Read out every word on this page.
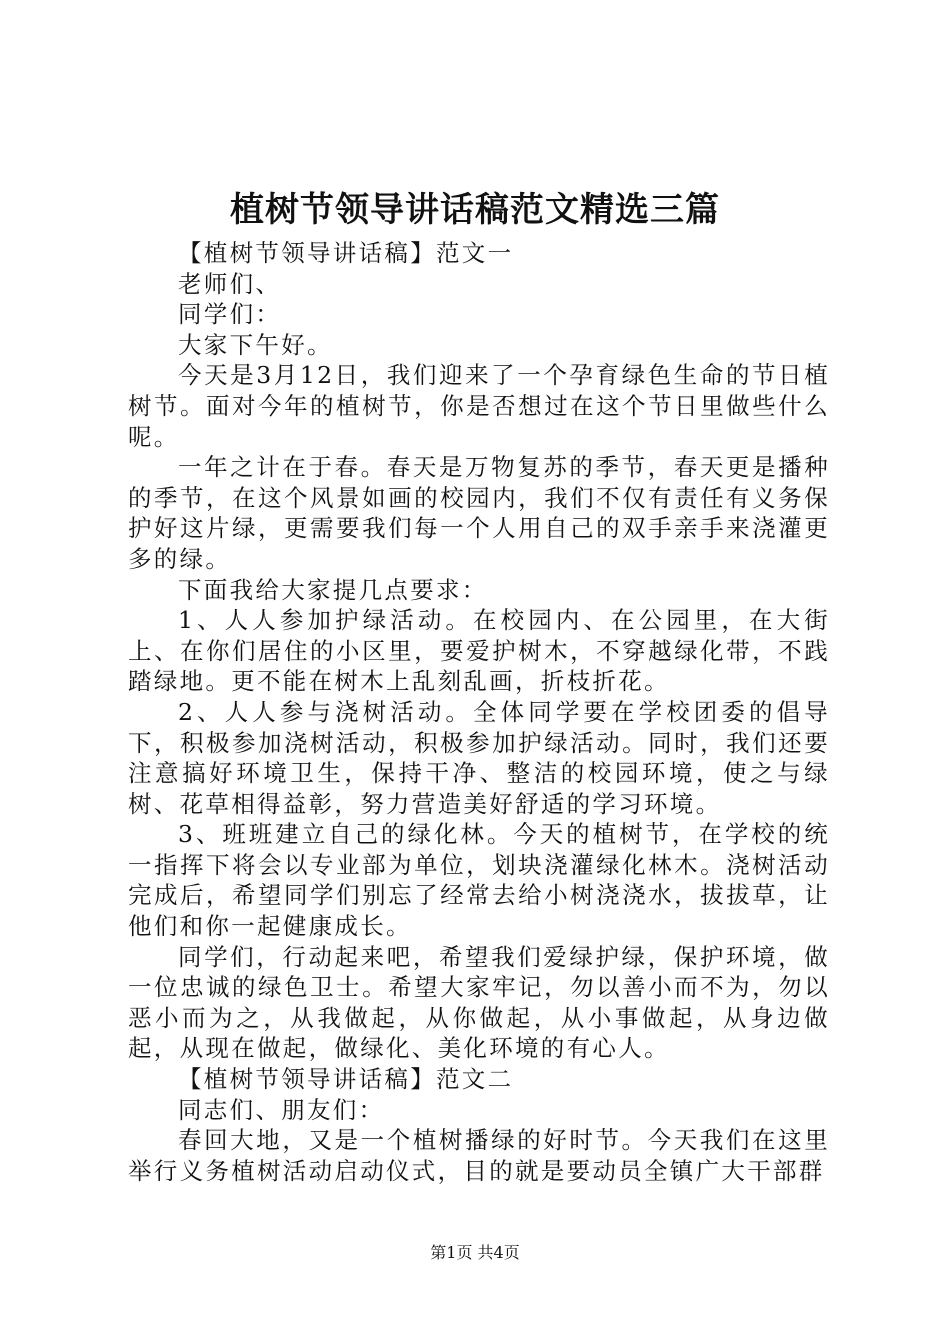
植树节领导讲话稿范文精选三篇

【植树节领导讲话稿】范文一

老师们、

同学们：

大家下午好。

今天是3月12日，我们迎来了一个孕育绿色生命的节日植树节。面对今年的植树节，你是否想过在这个节日里做些什么呢。

一年之计在于春。春天是万物复苏的季节，春天更是播种的季节，在这个风景如画的校园内，我们不仅有责任有义务保护好这片绿，更需要我们每一个人用自己的双手亲手来浇灌更多的绿。

下面我给大家提几点要求：

1、人人参加护绿活动。在校园内、在公园里，在大街上、在你们居住的小区里，要爱护树木，不穿越绿化带，不践踏绿地。更不能在树木上乱刻乱画，折枝折花。

2、人人参与浇树活动。全体同学要在学校团委的倡导下，积极参加浇树活动，积极参加护绿活动。同时，我们还要注意搞好环境卫生，保持干净、整洁的校园环境，使之与绿树、花草相得益彰，努力营造美好舒适的学习环境。

3、班班建立自己的绿化林。今天的植树节，在学校的统一指挥下将会以专业部为单位，划块浇灌绿化林木。浇树活动完成后，希望同学们别忘了经常去给小树浇浇水，拔拔草，让他们和你一起健康成长。

同学们，行动起来吧，希望我们爱绿护绿，保护环境，做一位忠诚的绿色卫士。希望大家牢记，勿以善小而不为，勿以恶小而为之，从我做起，从你做起，从小事做起，从身边做起，从现在做起，做绿化、美化环境的有心人。

【植树节领导讲话稿】范文二

同志们、朋友们：

春回大地，又是一个植树播绿的好时节。今天我们在这里举行义务植树活动启动仪式，目的就是要动员全镇广大干部群

第1页 共4页
